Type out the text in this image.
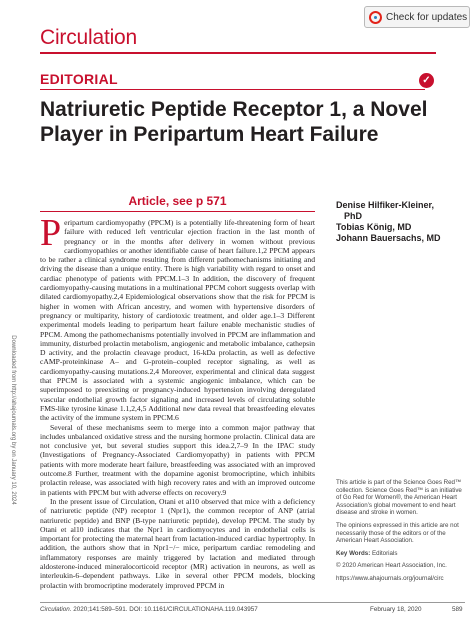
Circulation
Check for updates
EDITORIAL	✓
Natriuretic Peptide Receptor 1, a Novel Player in Peripartum Heart Failure
Article, see p 571	Denise Hilfiker-Kleiner,
PhD
Tobias König, MD
Johann Bauersachs, MD

Peripartum cardiomyopathy (PPCM) is a potentially life-threatening form of heart failure with reduced left ventricular ejection fraction in the last month of pregnancy or in the months after delivery in women without previous cardiomyopathies or another identifiable cause of heart failure.1,2 PPCM appears to be rather a clinical syndrome resulting from different pathomechanisms initiating and driving the disease than a unique entity. There is high variability with regard to onset and cardiac phenotype of patients with PPCM.1–3 In addition, the discovery of frequent cardiomyopathy-causing mutations in a multinational PPCM cohort suggests overlap with dilated cardiomyopathy.2,4 Epidemiological observations show that the risk for PPCM is higher in women with African ancestry, and women with hypertensive disorders of pregnancy or multiparity, history of cardiotoxic treatment, and older age.1–3 Different experimental models leading to peripartum heart failure enable mechanistic studies of PPCM. Among the pathomechanisms potentially involved in PPCM are inflammation and immunity, disturbed prolactin metabolism, angiogenic and metabolic imbalance, cathepsin D activity, and the prolactin cleavage product, 16-kDa prolactin, as well as defective cAMP-proteinkinase A– and G-protein–coupled receptor signaling, as well as cardiomyopathy-causing mutations.2,4 Moreover, experimental and clinical data suggest that PPCM is associated with a systemic angiogenic imbalance, which can be superimposed to preexisting or pregnancy-induced hypertension involving deregulated vascular endothelial growth factor signaling and increased levels of circulating soluble FMS-like tyrosine kinase 1.1,2,4,5 Additional new data reveal that breastfeeding elevates the activity of the immune system in PPCM.6

Several of these mechanisms seem to merge into a common major pathway that includes unbalanced oxidative stress and the nursing hormone prolactin. Clinical data are not conclusive yet, but several studies support this idea.2,7–9 In the IPAC study (Investigations of Pregnancy-Associated Cardiomyopathy) in patients with PPCM patients with more moderate heart failure, breastfeeding was associated with an improved outcome.8 Further, treatment with the dopamine agonist bromocriptine, which inhibits prolactin release, was associated with high recovery rates and with an improved outcome in patients with PPCM but with adverse effects on recovery.9

In the present issue of Circulation, Otani et al10 observed that mice with a deficiency of natriuretic peptide (NP) receptor 1 (Npr1), the common receptor of ANP (atrial natriuretic peptide) and BNP (B-type natriuretic peptide), develop PPCM. The study by Otani et al10 indicates that the Npr1 in cardiomyocytes and in endothelial cells is important for protecting the maternal heart from lactation-induced cardiac hypertrophy. In addition, the authors show that in Npr1−/− mice, peripartum cardiac remodeling and inflammatory responses are mainly triggered by lactation and mediated through aldosterone-induced mineralocorticoid receptor (MR) activation in neurons, as well as interleukin-6–dependent pathways. Like in several other PPCM models, blocking prolactin with bromocriptine moderately improved PPCM in

This article is part of the Science Goes Red™ collection. Science Goes Red™ is an initiative of Go Red for Women®, the American Heart Association’s global movement to end heart disease and stroke in women.

The opinions expressed in this article are not necessarily those of the editors or of the American Heart Association.

Key Words: Editorials

© 2020 American Heart Association, Inc.

https://www.ahajournals.org/journal/circ

Downloaded from http://ahajournals.org by on January 10, 2024
Circulation. 2020;141:589–591. DOI: 10.1161/CIRCULATIONAHA.119.043957	February 18, 2020	589
